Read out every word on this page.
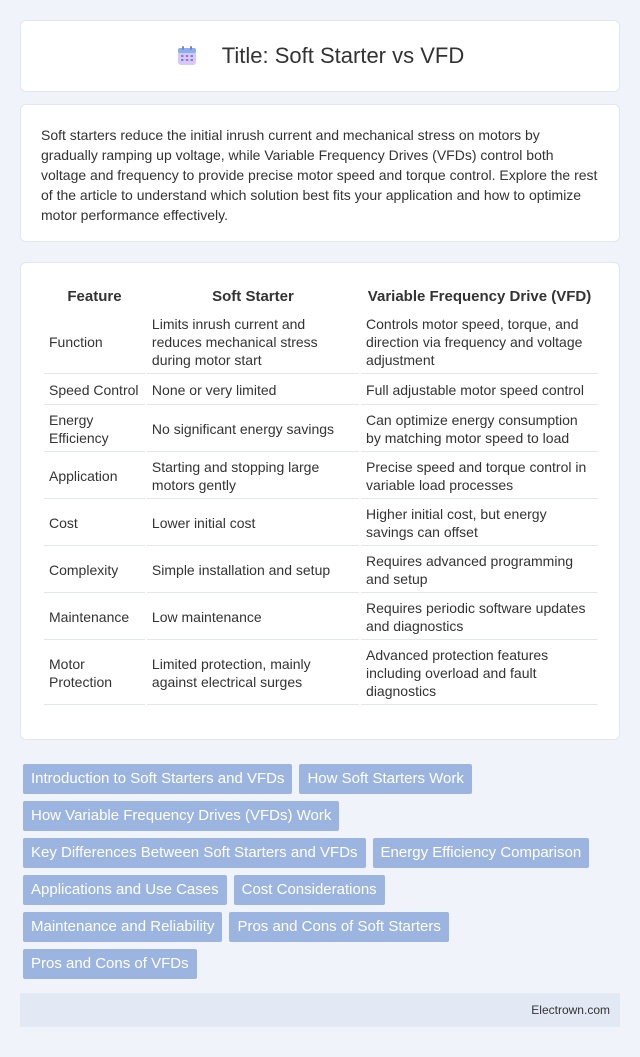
Title: Soft Starter vs VFD

Soft starters reduce the initial inrush current and mechanical stress on motors by gradually ramping up voltage, while Variable Frequency Drives (VFDs) control both voltage and frequency to provide precise motor speed and torque control. Explore the rest of the article to understand which solution best fits your application and how to optimize motor performance effectively.

Feature	Soft Starter	Variable Frequency Drive (VFD)
Function	Limits inrush current and reduces mechanical stress during motor start	Controls motor speed, torque, and direction via frequency and voltage adjustment
Speed Control	None or very limited	Full adjustable motor speed control
Energy Efficiency	No significant energy savings	Can optimize energy consumption by matching motor speed to load
Application	Starting and stopping large motors gently	Precise speed and torque control in variable load processes
Cost	Lower initial cost	Higher initial cost, but energy savings can offset
Complexity	Simple installation and setup	Requires advanced programming and setup
Maintenance	Low maintenance	Requires periodic software updates and diagnostics
Motor Protection	Limited protection, mainly against electrical surges	Advanced protection features including overload and fault diagnostics
Introduction to Soft Starters and VFDs	How Soft Starters Work
How Variable Frequency Drives (VFDs) Work
Key Differences Between Soft Starters and VFDs	Energy Efficiency Comparison
Applications and Use Cases	Cost Considerations
Maintenance and Reliability	Pros and Cons of Soft Starters
Pros and Cons of VFDs
Electrown.com
